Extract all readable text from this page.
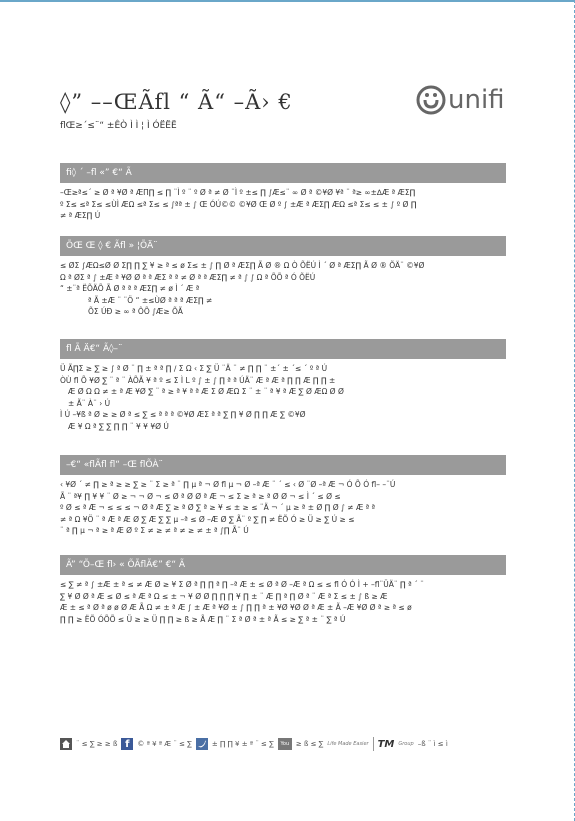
◊” ––ŒÃfl “ Ã“ –Ã› €
flŒ≥´≤¨“ ±ÊÒ Ì Ì ¦ Ì ÓËËË
unifi
fi◊ ´ –fl «” €“ Ã

–Œ≥ª≤´ ≥ Ø ª ¥Ø ª ÆΠ∏ ≤ ∏ ¨Ì º ¨ º Ø ª ≠ Ø ¨Ì º ±≤ ∏ ∫Æ≤¨ ∞ Ø ª ©¥Ø ¥ª ¨ ª≥ ∞±∆Æ ª ÆΣ∏

º Σ≤ ≤ª Σ≤ ≤ÙÌ ÆΩ ≤ª Σ≤ ≤ ∫ªª ± ∫ Œ ÓÚ©© ©¥Ø Œ Ø º ∫ ±Æ ª ÆΣ∏ ÆΩ ≤ª Σ≤ ≤ ± ∫ º Ø ∏

≠ ª ÆΣ∏ Ú

ÕŒ Œ ◊ € Ãfl » ¦ÕÄ¨

≤ ØΣ ∫ÆΩ≤Ø Ø Σ∏ ∏ ∑ ¥ ≥ ª ≤ ø Σ≤ ± ∫ ∏ Ø ª ÆΣ∏ Ã Ø ® Ω Ò ÕËÚ Ì ´ Ø ª ÆΣ∏ Ã Ø ® ÕÄ¨ ©¥Ø

Ω ª ØΣ ª ∫ ±Æ ª ¥Ø Ø ª ª ÆΣ ª ª ≠ Ø ª ª ÆΣ∏ ≠ ª ∫ ∫ Ω ª ÕÕ ª Ó ÕËÚ

“ ±¨ª ËÕÄÕ Ã Ø ª ª ª ÆΣ∏ ≠ ø Ì ´ Æ ª

ª Ã ±Æ ¨ ¨Ö “ ±≤ÙØ ª ª ª ÆΣ∏ ≠

ÕΣ ÚÐ ≥ ∞ ª ÔÕ ∫Æ≥ ÕÃ

fl Ã Ä€“ Ã◊–¨

Ü Ã∏Σ ≥ ∑ ≥ ∫ ª Ø ¨ ∏ ± ª ª ∏ ∕ Σ Ω ‹ Σ ∑ Ü ¨Ä ¨ ≠ ∏ ∏ ¨ ±´ ± ´≤ ´ º ª Ú

ÒÙ fl Õ ¥Ø ∑ ¨ ª ¨ ÀÕÃ ¥ ª º ≤ Σ Ì L º ∫ ± ∫ ∏ ª ª ÚÄ¨ Æ ª Æ ª ∏ ∏ Æ ∏ ∏ ±

Æ Ø Ω Ω ≠ ± ª Æ ¥Ø ∑ ¨ ª ≥ ª ¥ ª ª Æ Σ Ø ÆΩ Σ ¨ ± ¨ ª ¥ ª Æ ∑ Ø ÆΩ Ø Ø

± Ã¨ À¨ › Ú

Ì Ú –¥ß ª Ø ≥ ≥ Ø ª ≤ ∑ ≤ ª ª ª ©¥Ø ÆΣ ª ª ∑ ∏ ¥ Ø ∏ ∏ Æ ∑ ©¥Ø

Æ ¥ Ω ª ∑ ∑ ∏ ∏ ¨ ¥ ¥ ¥Ø Ú

–€“ «flÃfl fl“ –Œ flÕÀ¨

‹ ¥Ø ´ ≠ ∏ ≥ ª ≥ ≥ ∑ ≥ ¨ Σ ≥ ª ¨ ∏ µ ª ¬ Ø fl µ ¬ Ø –ª Æ ¨ ´ ≤ ‹ Ø ¨Ø –ª Æ ¬ Ó Õ Ó fl– –¨Ú

Ã ¨ ª¥ ∏ ¥ ¥ ¨ Ø ≥ ¬ ¬ Ø ¬ ≤ Ø ª Ø Ø ª Æ ¬ ≤ Σ ≥ ª ≥ ª Ø Ø ¬ ≤ Ì ´ ≤ Ø ≤

º Ø ≤ ª Æ ¬ ≤ ≤ ≤ ¬ Ø ª Æ ∑ ≥ ª Ø ∑ ª ≥ ¥ ≤ ± ≥ ≤ ¨Ä ¬ ´ µ ≥ ª ± Ø ∏ Ø ∫ ≠ Æ ª ª

≠ ª Ω ¥Ö ¨ ª Æ ª Æ Ø ∑ Æ ∑ ∑ µ –ª ≤ Ø –Æ Ø ∑ Ã¨ º ∑ ∏ ≠ ËÕ Ó ≥ Ü ≥ ∑ Ú ≥ ≤

¨ ª ∏ µ ¬ ª ≥ ª Æ Ø º Σ ≠ ≥ ≠ ª ≠ ≥ ≠ ± ª ∫∏ Ã¨ Ú

Ã” “Õ–Œ fl› « ÕÃflÃ€” €“ Ã

≤ ∑ ≠ ª ∫ ±Æ ± ª ≤ ≠ Æ Ø ≥ ¥ Σ Ø ª ∏ ∏ ª ∏ –ª Æ ± ≤ Ø ª Ø –Æ ª Ω ≤ ≤ fl Ó Ó Ì + –fl¨ÜÄ¨ ∏ ª ´ ¨

∑ ¥ Ø Ø ª Æ ≤ Ø ≤ ª Æ ª Ω ≤ ± ¬ ¥ Ø Ø ∏ ∏ ∏ ¥ ∏ ± ¨ Æ ∏ ª ∏ Ø ª ¨ Æ ª Σ ≤ ± ∫ ß ≥ Æ

Æ ± ≤ ª Ø ª ø ø Ø Æ Ã Ω ≠ ± ª Æ ∫ ± Æ ª ¥Ø ± ∫ ∏ ∏ ª ± ¥Ø ¥Ø Ø ª Æ ± Ã –Æ ¥Ø Ø ª ≥ ª ≤ ø

∏ ∏ ≥ ËÕ ÓÕÕ ≤ Ü ≥ ≥ Ü ∏ ∏ ≥ ß ≥ Ã Æ ∏ ¨ Σ ª Ø ª ± ª Ã ≤ ≥ ∑ ª ± ¨ ∑ ª Ú

¨ ≤ ∑ ≥ ≥ ß f	© ª ¥ ª Æ ¨ ≤ ∑	± ∏ ∏ ¥ ± ª ¨ ≤ ∑	You ≥ ß ≤ ∑ Life Made Easier TM Group –ß ¨ ì ≤ ì
